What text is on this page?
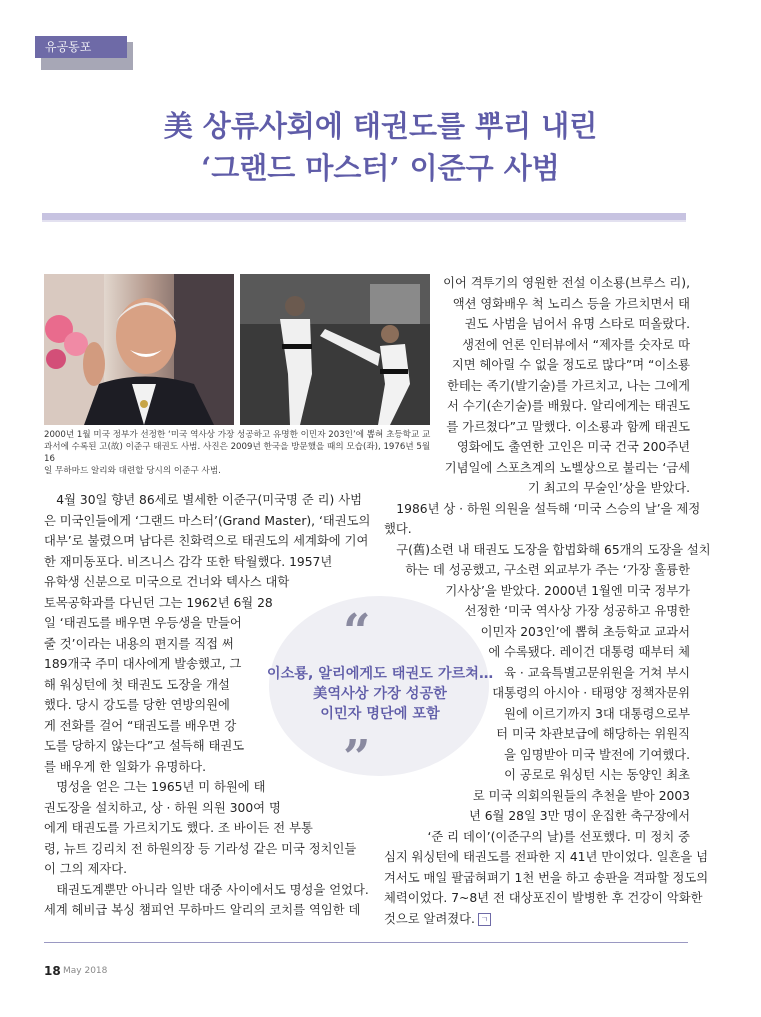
유공동포
美 상류사회에 태권도를 뿌리 내린
‘그랜드 마스터’ 이준구 사범
2000년 1월 미국 정부가 선정한 ‘미국 역사상 가장 성공하고 유명한 이민자 203인’에 뽑혀 초등학교 교
과서에 수록된 고(故) 이준구 태권도 사범. 사진은 2009년 한국을 방문했을 때의 모습(좌), 1976년 5월 16
일 무하마드 알리와 대련할 당시의 이준구 사범.

　4월 30일 향년 86세로 별세한 이준구(미국명 준 리) 사범

은 미국인들에게 ‘그랜드 마스터’(Grand Master), ‘태권도의

대부’로 불렸으며 남다른 친화력으로 태권도의 세계화에 기여

한 재미동포다. 비즈니스 감각 또한 탁월했다. 1957년

유학생 신분으로 미국으로 건너와 텍사스 대학

토목공학과를 다닌던 그는 1962년 6월 28

일 ‘태권도를 배우면 우등생을 만들어

줄 것’이라는 내용의 편지를 직접 써

189개국 주미 대사에게 발송했고, 그

해 워싱턴에 첫 태권도 도장을 개설

했다. 당시 강도를 당한 연방의원에

게 전화를 걸어 “태권도를 배우면 강

도를 당하지 않는다”고 설득해 태권도

를 배우게 한 일화가 유명하다.

　명성을 얻은 그는 1965년 미 하원에 태

권도장을 설치하고, 상 · 하원 의원 300여 명

에게 태권도를 가르치기도 했다. 조 바이든 전 부통

령, 뉴트 깅리치 전 하원의장 등 기라성 같은 미국 정치인들

이 그의 제자다.

　태권도계뿐만 아니라 일반 대중 사이에서도 명성을 얻었다.

세계 헤비급 복싱 챔피언 무하마드 알리의 코치를 역임한 데

이어 격투기의 영원한 전설 이소룡(브루스 리),

액션 영화배우 척 노리스 등을 가르치면서 태

권도 사범을 넘어서 유명 스타로 떠올랐다.

　생전에 언론 인터뷰에서 “제자를 숫자로 따

지면 헤아릴 수 없을 정도로 많다”며 “이소룡

한테는 족기(발기술)를 가르치고, 나는 그에게

서 수기(손기술)를 배웠다. 알리에게는 태권도

를 가르쳤다”고 말했다. 이소룡과 함께 태권도

영화에도 출연한 고인은 미국 건국 200주년

기념일에 스포츠계의 노벨상으로 불리는 ‘금세

기 최고의 무술인’상을 받았다.

　1986년 상 · 하원 의원을 설득해 ‘미국 스승의 날’을 제정

했다.

　구(舊)소련 내 태권도 도장을 합법화해 65개의 도장을 설치

하는 데 성공했고, 구소련 외교부가 주는 ‘가장 훌륭한

기사상’을 받았다. 2000년 1월엔 미국 정부가

선정한 ‘미국 역사상 가장 성공하고 유명한

이민자 203인’에 뽑혀 초등학교 교과서

에 수록됐다. 레이건 대통령 때부터 체

육 · 교육특별고문위원을 거쳐 부시

대통령의 아시아 · 태평양 정책자문위

원에 이르기까지 3대 대통령으로부

터 미국 차관보급에 해당하는 위원직

을 임명받아 미국 발전에 기여했다.

　이 공로로 워싱턴 시는 동양인 최초

로 미국 의회의원들의 추천을 받아 2003

년 6월 28일 3만 명이 운집한 축구장에서

‘준 리 데이’(이준구의 날)를 선포했다. 미 정치 중

심지 워싱턴에 태권도를 전파한 지 41년 만이었다. 일흔을 넘

겨서도 매일 팔굽혀펴기 1천 번을 하고 송판을 격파할 정도의

체력이었다. 7~8년 전 대상포진이 발병한 후 건강이 악화한

것으로 알려졌다. ㄱ

“
이소룡, 알리에게도 태권도 가르쳐…
美역사상 가장 성공한
이민자 명단에 포함
”
18 May 2018
